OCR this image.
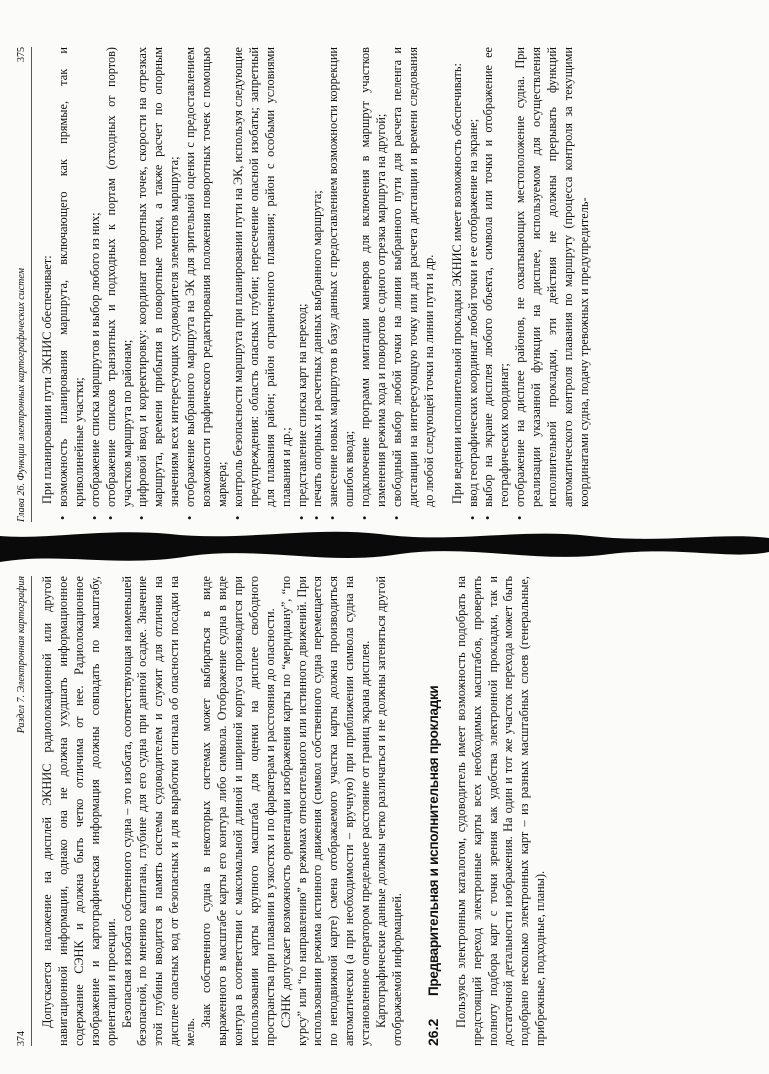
374
Раздел 7. Электронная картография Допускается наложение на дисплей ЭКНИС радиолокационной или другой навигационной информации, однако она не должна ухудшать информационное содержание СЭНК и должна быть четко отличима от нее. Радиолокационное изображение и картографическая информация должны совпадать по масштабу, ориентации и проекции. Безопасная изобата собственного судна – это изобата, соответствующая наименьшей безопасной, по мнению капитана, глубине для его судна при данной осадке. Значение этой глубины вводится в память системы судоводителем и служит для отличия на дисплее опасных вод от безопасных и для выработки сигнала об опасности посадки на мель.

Знак собственного судна в некоторых системах может выбираться в виде выраженного в масштабе карты его контура либо символа. Отображение судна в виде контура в соответствии с максимальной длиной и шириной корпуса производится при использовании карты крупного масштаба для оценки на дисплее свободного пространства при плавании в узкостях и по фарватерам и расстояния до опасности. СЭНК допускает возможность ориентации изображения карты по “меридиану”, “по курсу” или “по направлению” в режимах относительного или истинного движений. При использовании режима истинного движения (символ собственного судна перемещается по неподвижной карте) смена отображаемого участка карты должна производиться автоматически (а при необходимости – вручную) при приближении символа судна на установленное оператором предельное расстояние от границ экрана дисплея. Картографические данные должны четко различаться и не должны затеняться другой отображаемой информацией. 26.2
Предварительная и исполнительная прокладки Пользуясь электронным каталогом, судоводитель имеет возможность подобрать на предстоящий переход электронные карты всех необходимых масштабов, проверить полноту подбора карт с точки зрения как удобства электронной прокладки, так и достаточной детальности изображения. На один и тот же участок перехода может быть подобрано несколько электронных карт – из разных масштабных слоев (генеральные, прибрежные, подходные, планы).

Глава 26. Функции электронных картографических систем
375

При планировании пути ЭКНИС обеспечивает: • возможность планирования маршрута, включающего как прямые, так и криволинейные участки; • отображение списка маршрутов и выбор любого из них; • отображение списков транзитных и подходных к портам (отходных от портов) участков маршрута по районам; • цифровой ввод и корректировку: координат поворотных точек, скорости на отрезках маршрута, времени прибытия в поворотные точки, а также расчет по опорным значениям всех интересующих судоводителя элементов маршрута; • отображение выбранного маршрута на ЭК для зрительной оценки с предоставлением возможности графического редактирования положения поворотных точек с помощью маркера; • контроль безопасности маршрута при планировании пути на ЭК, используя следующие предупреждения: область опасных глубин; пересечение опасной изобаты; запретный для плавания район; район ограниченного плавания; район с особыми условиями плавания и др.; • представление списка карт на переход; • печать опорных и расчетных данных выбранного маршрута; • занесение новых маршрутов в базу данных с предоставлением возможности коррекции ошибок ввода; • подключение программ имитации маневров для включения в маршрут участков изменения режима хода и поворотов с одного отрезка маршрута на другой; • свободный выбор любой точки на линии выбранного пути для расчета пеленга и дистанции на интересующую точку или для расчета дистанции и времени следования до любой следующей точки на линии пути и др. При ведении исполнительной прокладки ЭКНИС имеет возможность обеспечивать: • ввод географических координат любой точки и ее отображение на экране; • выбор на экране дисплея любого объекта, символа или точки и отображение ее географических координат; • отображение на дисплее районов, не охватывающих местоположение судна. При реализации указанной функции на дисплее, используемом для осуществления исполнительной прокладки, эти действия не должны прерывать функций автоматического контроля плавания по маршруту (процесса контроля за текущими координатами судна, подачу тревожных и предупредитель-
